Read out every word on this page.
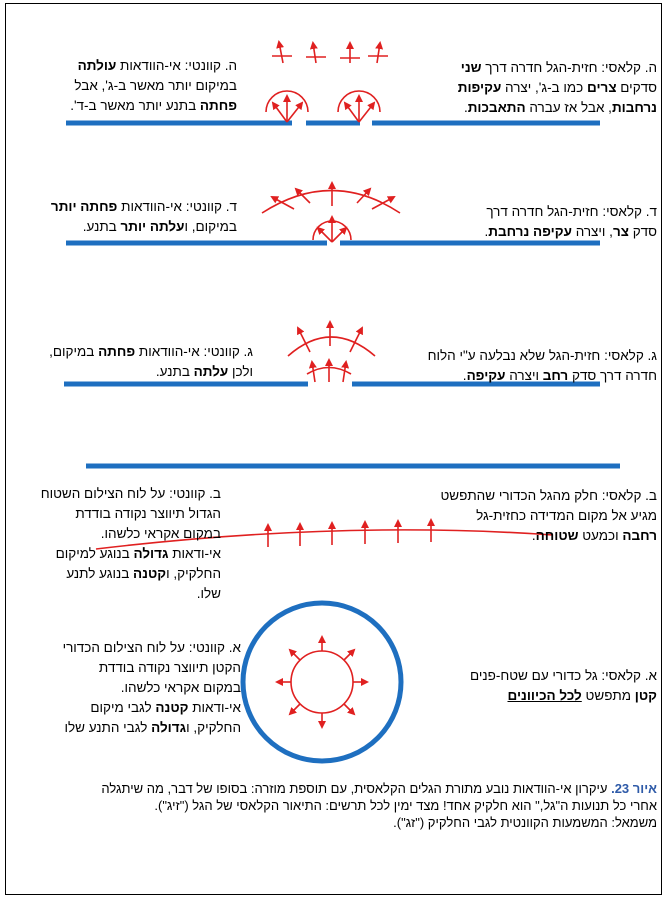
ה. קלאסי: חזית-הגל חדרה דרך שני
סדקים צרים כמו ב-ג', יצרה עקיפות
נרחבות, אבל אז עברה התאבכות.
ה. קוונטי: אי-הוודאות עולתה
במיקום יותר מאשר ב-ג', אבל
פחתה בתנע יותר מאשר ב-ד'.
ד. קלאסי: חזית-הגל חדרה דרך
סדק צר, ויצרה עקיפה נרחבת.
ד. קוונטי: אי-הוודאות פחתה יותר
במיקום, ועלתה יותר בתנע.
ג. קלאסי: חזית-הגל שלא נבלעה ע"י הלוח
חדרה דרך סדק רחב ויצרה עקיפה.
ג. קוונטי: אי-הוודאות פחתה במיקום,
ולכן עלתה בתנע.
ב. קלאסי: חלק מהגל הכדורי שהתפשט
מגיע אל מקום המדידה כחזית-גל
רחבה וכמעט שטוחה.
ב. קוונטי: על לוח הצילום השטוח
הגדול תיווצר נקודה בודדת
במקום אקראי כלשהו.
אי-ודאות גדולה בנוגע למיקום
החלקיק, וקטנה בנוגע לתנע
שלו.
א. קלאסי: גל כדורי עם שטח-פנים
קטן מתפשט לכל הכיוונים
א. קוונטי: על לוח הצילום הכדורי
הקטן תיווצר נקודה בודדת
במקום אקראי כלשהו.
אי-ודאות קטנה לגבי מיקום
החלקיק, וגדולה לגבי התנע שלו
איור 23. עיקרון אי-הוודאות נובע מתורת הגלים הקלאסית, עם תוספת מוזרה: בסופו של דבר, מה שיתגלה
אחרי כל תנועות ה"גל," הוא חלקיק אחד! מצד ימין לכל תרשים: התיאור הקלאסי של הגל ("זיג").
משמאל: המשמעות הקוונטית לגבי החלקיק ("זג").
